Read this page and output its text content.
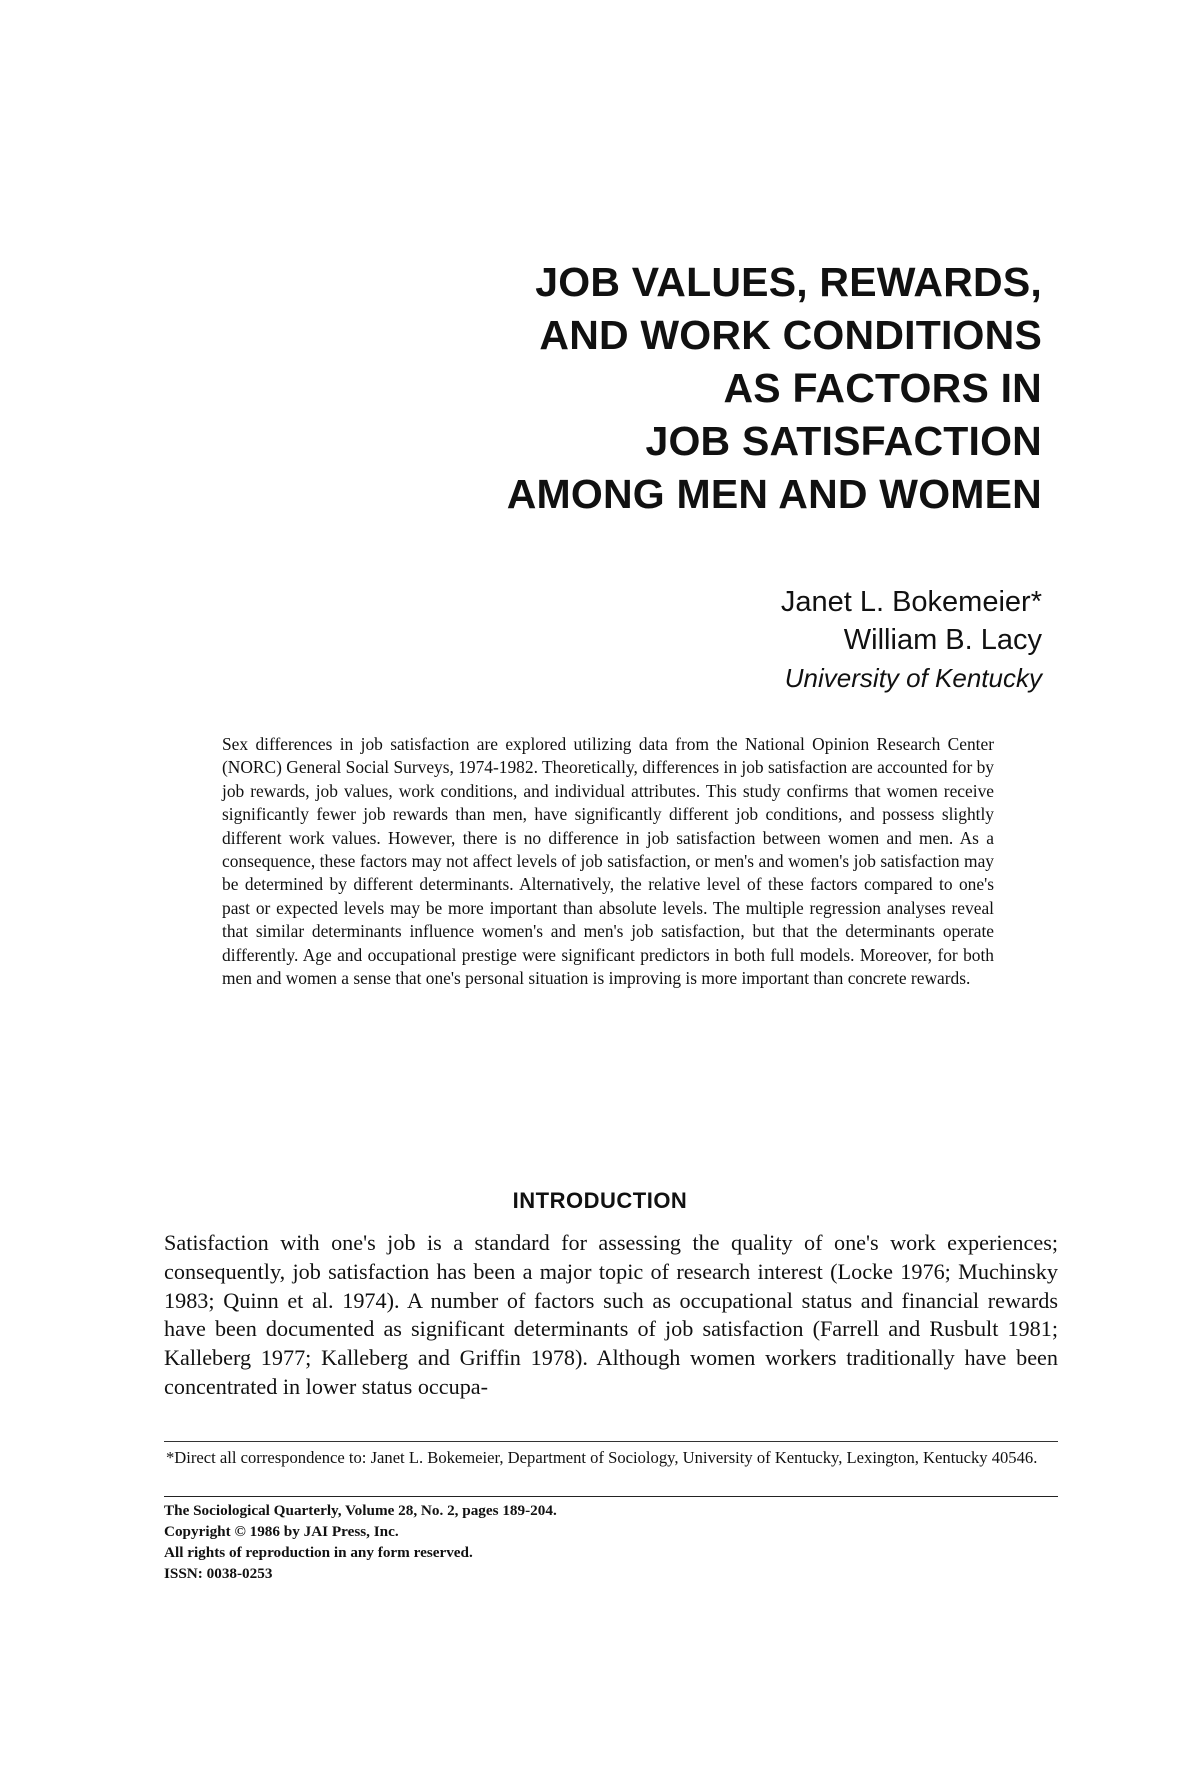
JOB VALUES, REWARDS,
AND WORK CONDITIONS
AS FACTORS IN
JOB SATISFACTION
AMONG MEN AND WOMEN
Janet L. Bokemeier*
William B. Lacy
University of Kentucky

Sex differences in job satisfaction are explored utilizing data from the National Opinion Research Center (NORC) General Social Surveys, 1974-1982. Theoretically, differences in job satisfaction are accounted for by job rewards, job values, work conditions, and individual attributes. This study confirms that women receive significantly fewer job rewards than men, have significantly different job conditions, and possess slightly different work values. However, there is no difference in job satisfaction between women and men. As a consequence, these factors may not affect levels of job satisfaction, or men's and women's job satisfaction may be determined by different determinants. Alternatively, the relative level of these factors compared to one's past or expected levels may be more important than absolute levels. The multiple regression analyses reveal that similar determinants influence women's and men's job satisfaction, but that the determinants operate differently. Age and occupational prestige were significant predictors in both full models. Moreover, for both men and women a sense that one's personal situation is improving is more important than concrete rewards.

INTRODUCTION

Satisfaction with one's job is a standard for assessing the quality of one's work experiences; consequently, job satisfaction has been a major topic of research interest (Locke 1976; Muchinsky 1983; Quinn et al. 1974). A number of factors such as occupational status and financial rewards have been documented as significant determinants of job satisfaction (Farrell and Rusbult 1981; Kalleberg 1977; Kalleberg and Griffin 1978). Although women workers traditionally have been concentrated in lower status occupa-

*Direct all correspondence to: Janet L. Bokemeier, Department of Sociology, University of Kentucky, Lexington, Kentucky 40546.

The Sociological Quarterly, Volume 28, No. 2, pages 189-204.
Copyright © 1986 by JAI Press, Inc.
All rights of reproduction in any form reserved.
ISSN: 0038-0253
